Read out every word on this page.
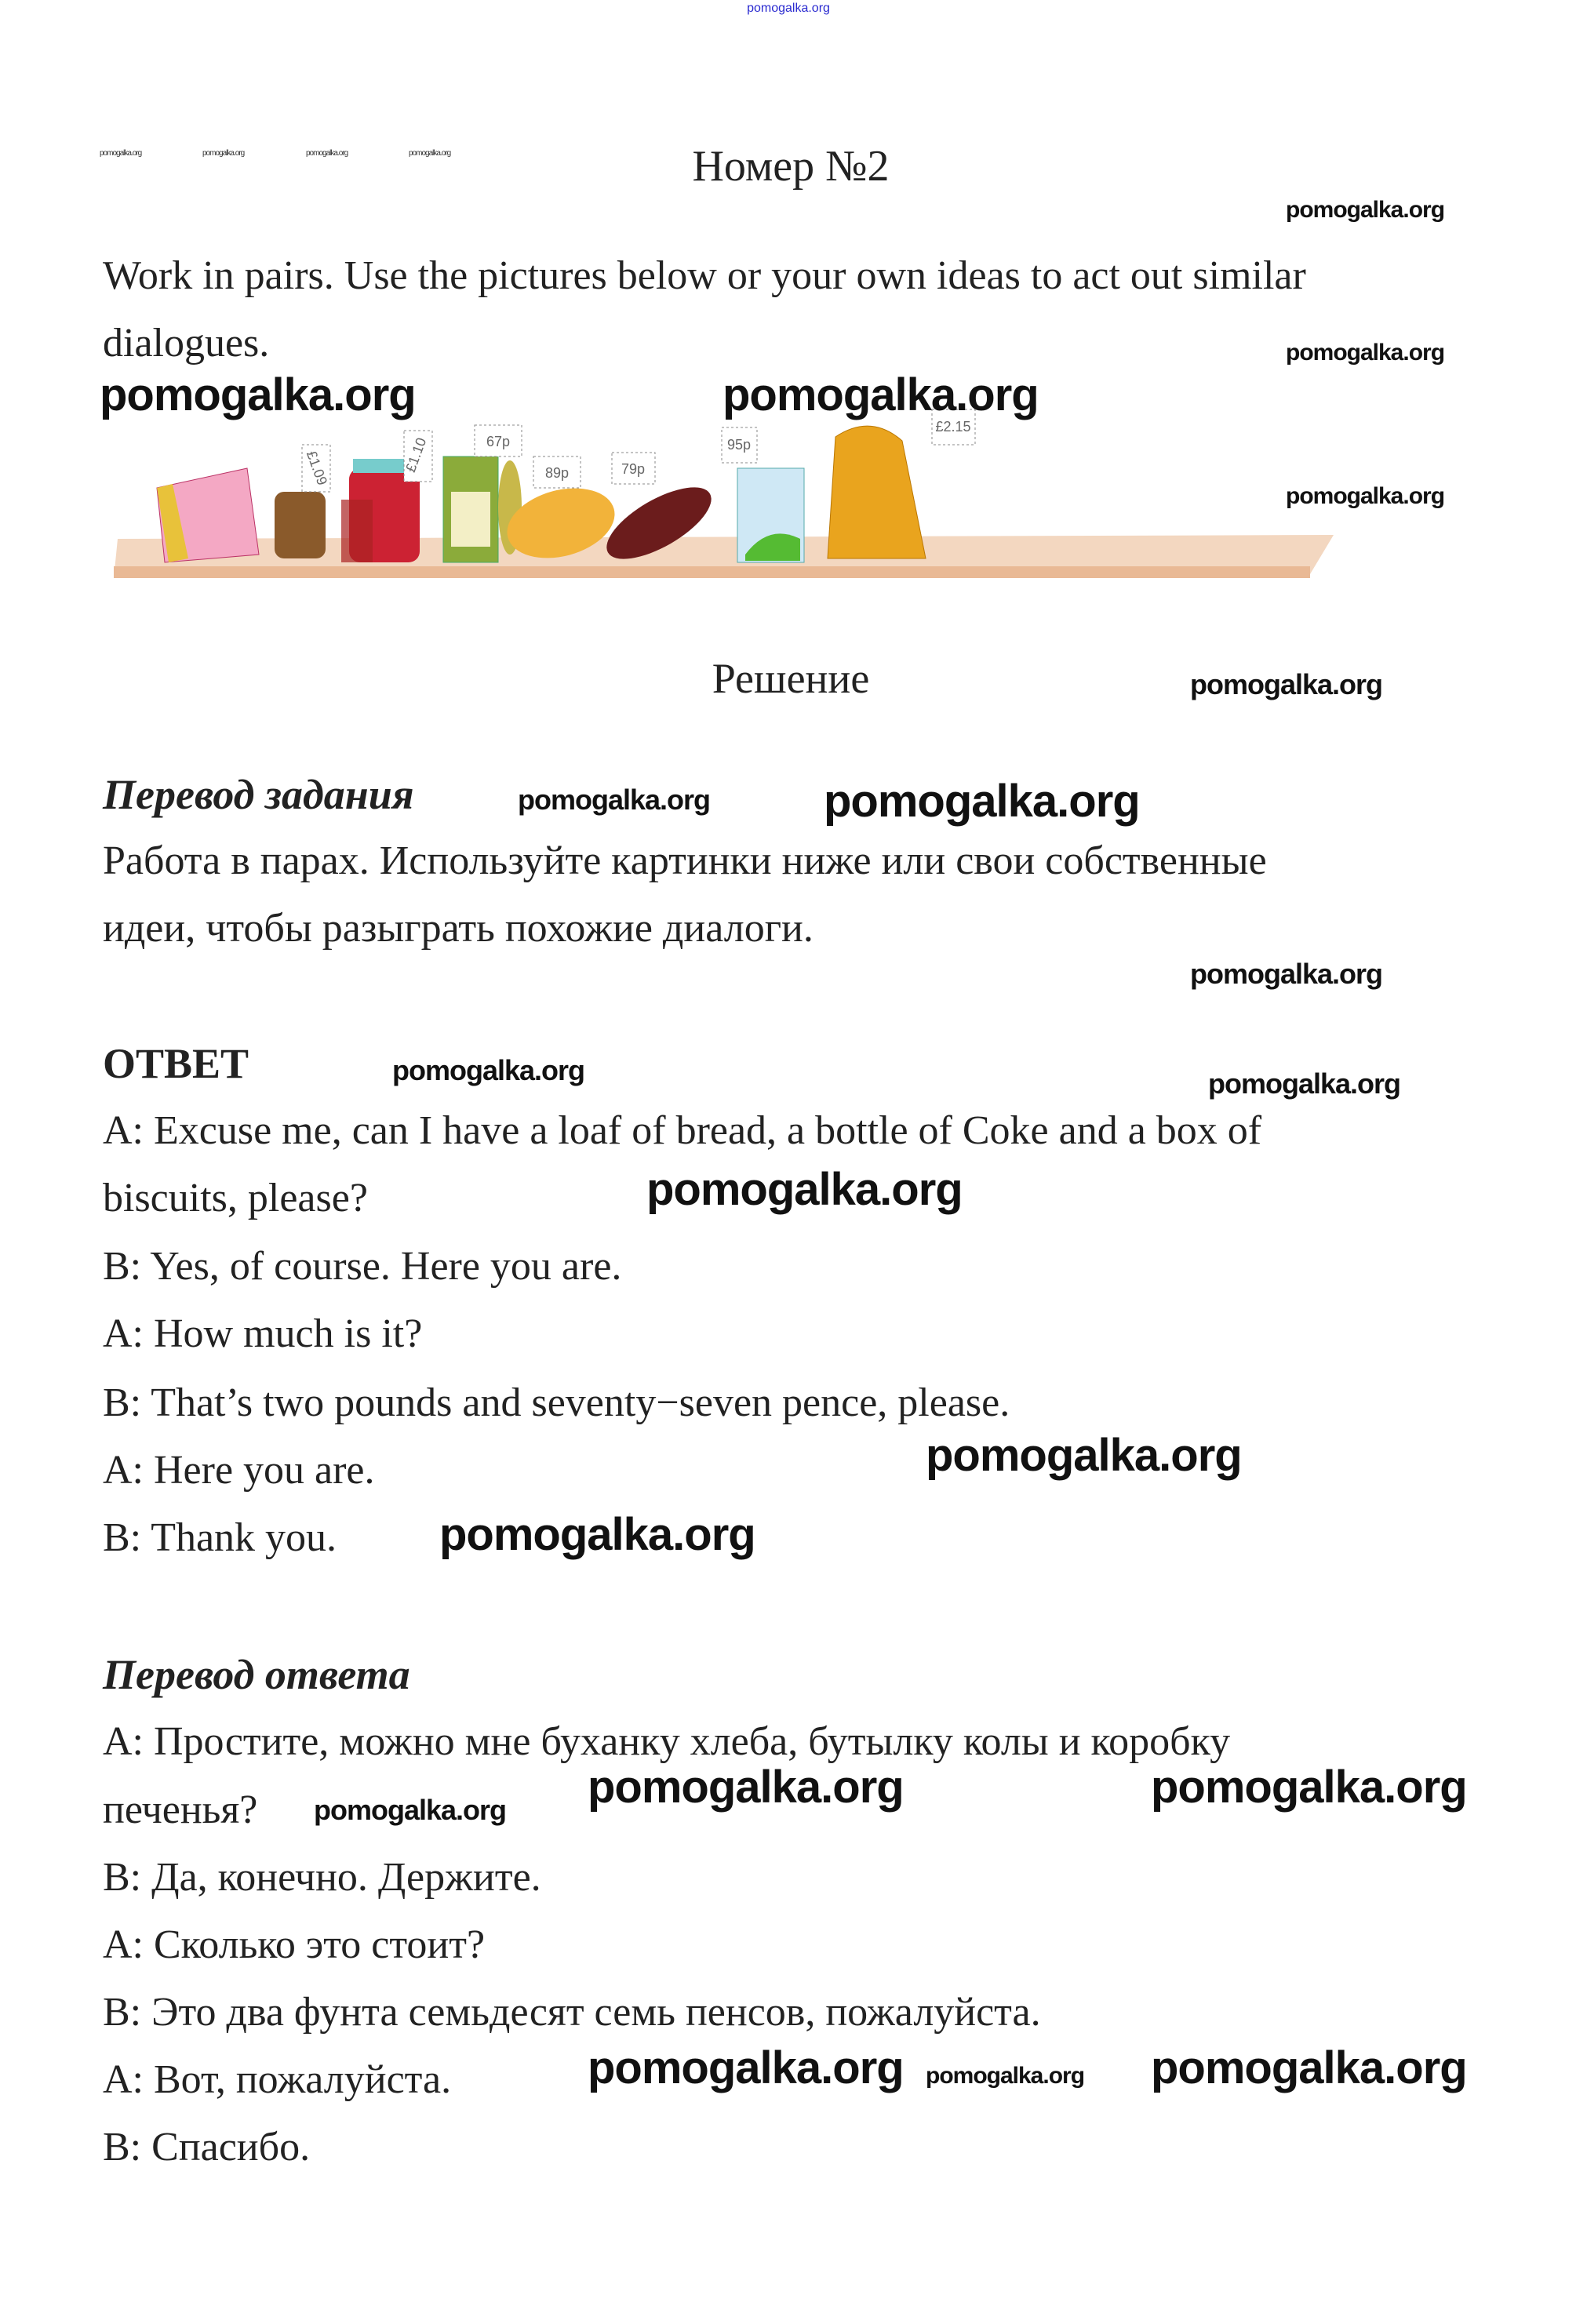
pomogalka.org
pomogalka.org	pomogalka.org	pomogalka.org	pomogalka.org	Номер №2
pomogalka.org
Work in pairs. Use the pictures below or your own ideas to act out similar
dialogues.	pomogalka.org
£1.09	£1.10	67p
89p	79p
95p
£2.15
pomogalka.org	pomogalka.org
pomogalka.org
Решение	pomogalka.org
Перевод задания
Работа в парах. Используйте картинки ниже или свои собственные
идеи, чтобы разыграть похожие диалоги.
pomogalka.org pomogalka.org
pomogalka.org
ОТВЕТ
A: Excuse me, can I have a loaf of bread, a bottle of Coke and a box of
biscuits, please?
B: Yes, of course. Here you are.
A: How much is it?
B: That’s two pounds and seventy−seven pence, please.
A: Here you are.
B: Thank you.
pomogalka.org
pomogalka.org
pomogalka.org
pomogalka.org
pomogalka.org
Перевод ответа
A: Простите, можно мне буханку хлеба, бутылку колы и коробку
печенья?
B: Да, конечно. Держите.
A: Сколько это стоит?
B: Это два фунта семьдесят семь пенсов, пожалуйста.
A: Вот, пожалуйста.
B: Спасибо.
pomogalka.org	pomogalka.org
pomogalka.org
pomogalka.org
pomogalka.org	pomogalka.org
